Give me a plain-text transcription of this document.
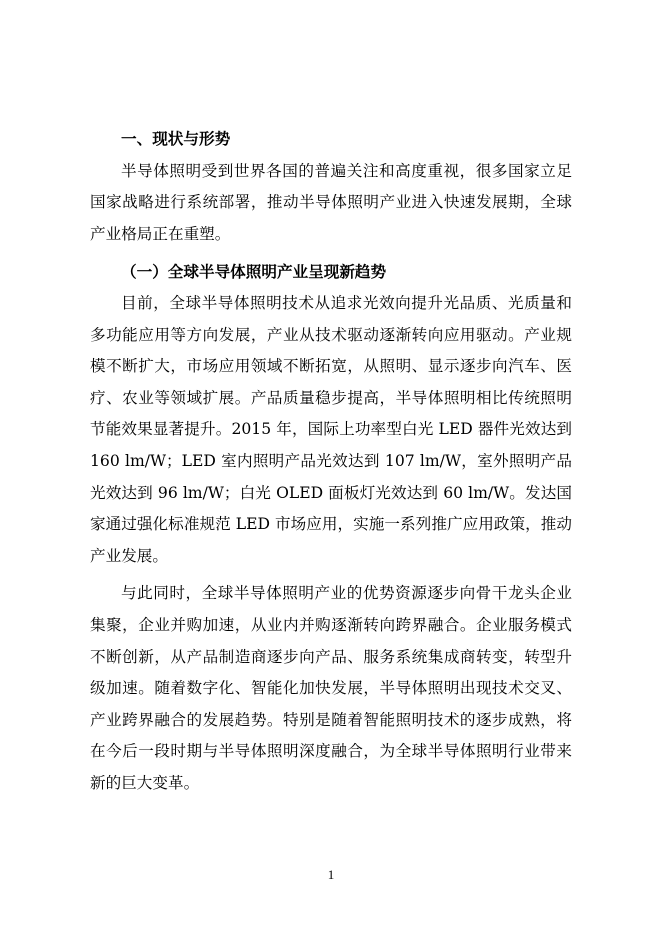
一、现状与形势

半导体照明受到世界各国的普遍关注和高度重视，很多国家立足国家战略进行系统部署，推动半导体照明产业进入快速发展期，全球产业格局正在重塑。

（一）全球半导体照明产业呈现新趋势

目前，全球半导体照明技术从追求光效向提升光品质、光质量和多功能应用等方向发展，产业从技术驱动逐渐转向应用驱动。产业规模不断扩大，市场应用领域不断拓宽，从照明、显示逐步向汽车、医疗、农业等领域扩展。产品质量稳步提高，半导体照明相比传统照明节能效果显著提升。2015 年，国际上功率型白光 LED 器件光效达到 160 lm/W；LED 室内照明产品光效达到 107 lm/W，室外照明产品光效达到 96 lm/W；白光 OLED 面板灯光效达到 60 lm/W。发达国家通过强化标准规范 LED 市场应用，实施一系列推广应用政策，推动产业发展。

与此同时，全球半导体照明产业的优势资源逐步向骨干龙头企业集聚，企业并购加速，从业内并购逐渐转向跨界融合。企业服务模式不断创新，从产品制造商逐步向产品、服务系统集成商转变，转型升级加速。随着数字化、智能化加快发展，半导体照明出现技术交叉、产业跨界融合的发展趋势。特别是随着智能照明技术的逐步成熟，将在今后一段时期与半导体照明深度融合，为全球半导体照明行业带来新的巨大变革。

1
